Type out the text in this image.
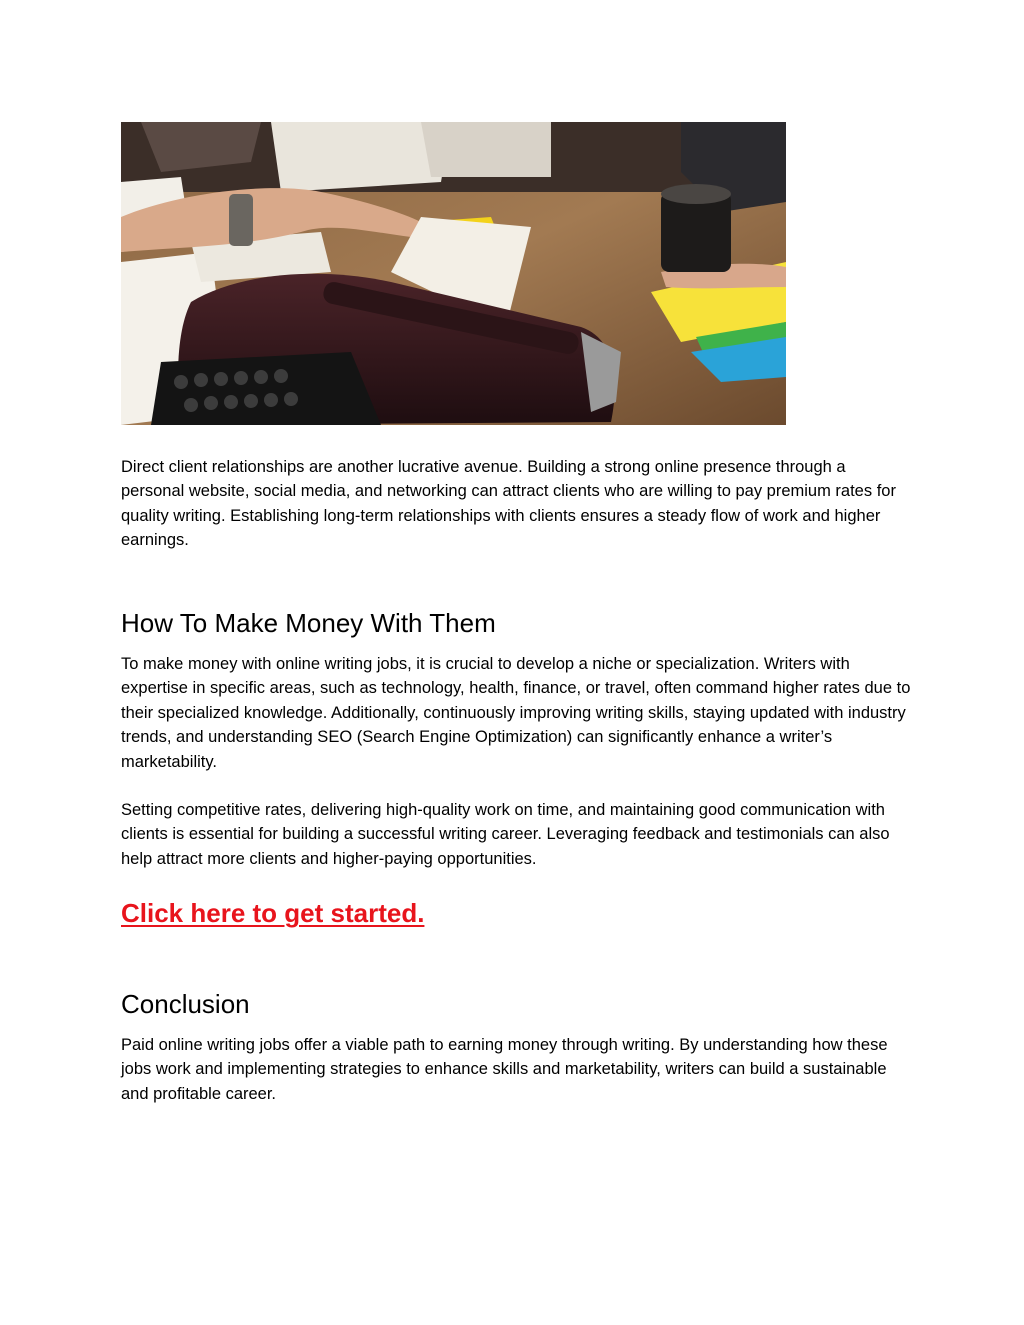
Direct client relationships are another lucrative avenue. Building a strong online presence through a personal website, social media, and networking can attract clients who are willing to pay premium rates for quality writing. Establishing long-term relationships with clients ensures a steady flow of work and higher earnings.

How To Make Money With Them

To make money with online writing jobs, it is crucial to develop a niche or specialization. Writers with expertise in specific areas, such as technology, health, finance, or travel, often command higher rates due to their specialized knowledge. Additionally, continuously improving writing skills, staying updated with industry trends, and understanding SEO (Search Engine Optimization) can significantly enhance a writer’s marketability.

Setting competitive rates, delivering high-quality work on time, and maintaining good communication with clients is essential for building a successful writing career. Leveraging feedback and testimonials can also help attract more clients and higher-paying opportunities.

Click here to get started.

Conclusion

Paid online writing jobs offer a viable path to earning money through writing. By understanding how these jobs work and implementing strategies to enhance skills and marketability, writers can build a sustainable and profitable career.
